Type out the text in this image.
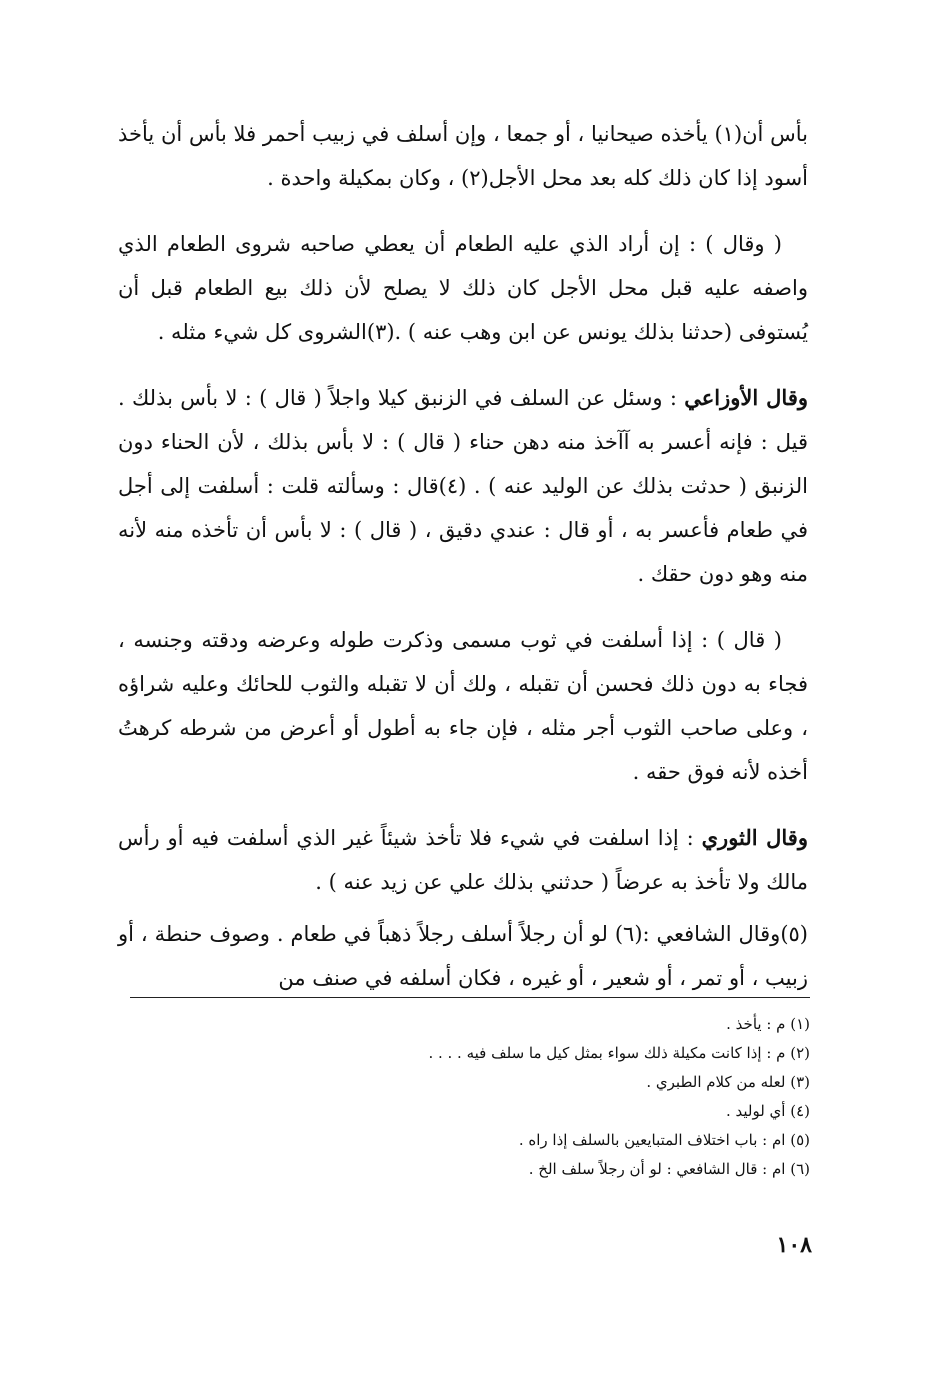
بأس أن(١) يأخذه صيحانيا ، أو جمعا ، وإن أسلف في زبيب أحمر فلا بأس أن يأخذ أسود إذا كان ذلك كله بعد محل الأجل(٢) ، وكان بمكيلة واحدة .

( وقال ) : إن أراد الذي عليه الطعام أن يعطي صاحبه شروى الطعام الذي واصفه عليه قبل محل الأجل كان ذلك لا يصلح لأن ذلك بيع الطعام قبل أن يُستوفى (حدثنا بذلك يونس عن ابن وهب عنه ) .(٣)الشروى كل شيء مثله .

وقال الأوزاعي : وسئل عن السلف في الزنبق كيلا واجلاً ( قال ) : لا بأس بذلك . قيل : فإنه أعسر به آآخذ منه دهن حناء ( قال ) : لا بأس بذلك ، لأن الحناء دون الزنبق ( حدثت بذلك عن الوليد عنه ) . (٤)قال : وسألته قلت : أسلفت إلى أجل في طعام فأعسر به ، أو قال : عندي دقيق ، ( قال ) : لا بأس أن تأخذه منه لأنه منه وهو دون حقك .

( قال ) : إذا أسلفت في ثوب مسمى وذكرت طوله وعرضه ودقته وجنسه ، فجاء به دون ذلك فحسن أن تقبله ، ولك أن لا تقبله والثوب للحائك وعليه شراؤه ، وعلى صاحب الثوب أجر مثله ، فإن جاء به أطول أو أعرض من شرطه كرهتُ أخذه لأنه فوق حقه .

وقال الثوري : إذا اسلفت في شيء فلا تأخذ شيئاً غير الذي أسلفت فيه أو رأس مالك ولا تأخذ به عرضاً ( حدثني بذلك علي عن زيد عنه ) .

(٥)وقال الشافعي :(٦) لو أن رجلاً أسلف رجلاً ذهباً في طعام . وصوف حنطة ، أو زبيب ، أو تمر ، أو شعير ، أو غيره ، فكان أسلفه في صنف من

(١) م : يأخذ .
(٢) م : إذا كانت مكيلة ذلك سواء بمثل كيل ما سلف فيه . . . .
(٣) لعله من كلام الطبري .
(٤) أي لوليد .
(٥) ام : باب اختلاف المتبايعين بالسلف إذا راه .
(٦) ام : قال الشافعي : لو أن رجلاً سلف الخ .
١٠٨
